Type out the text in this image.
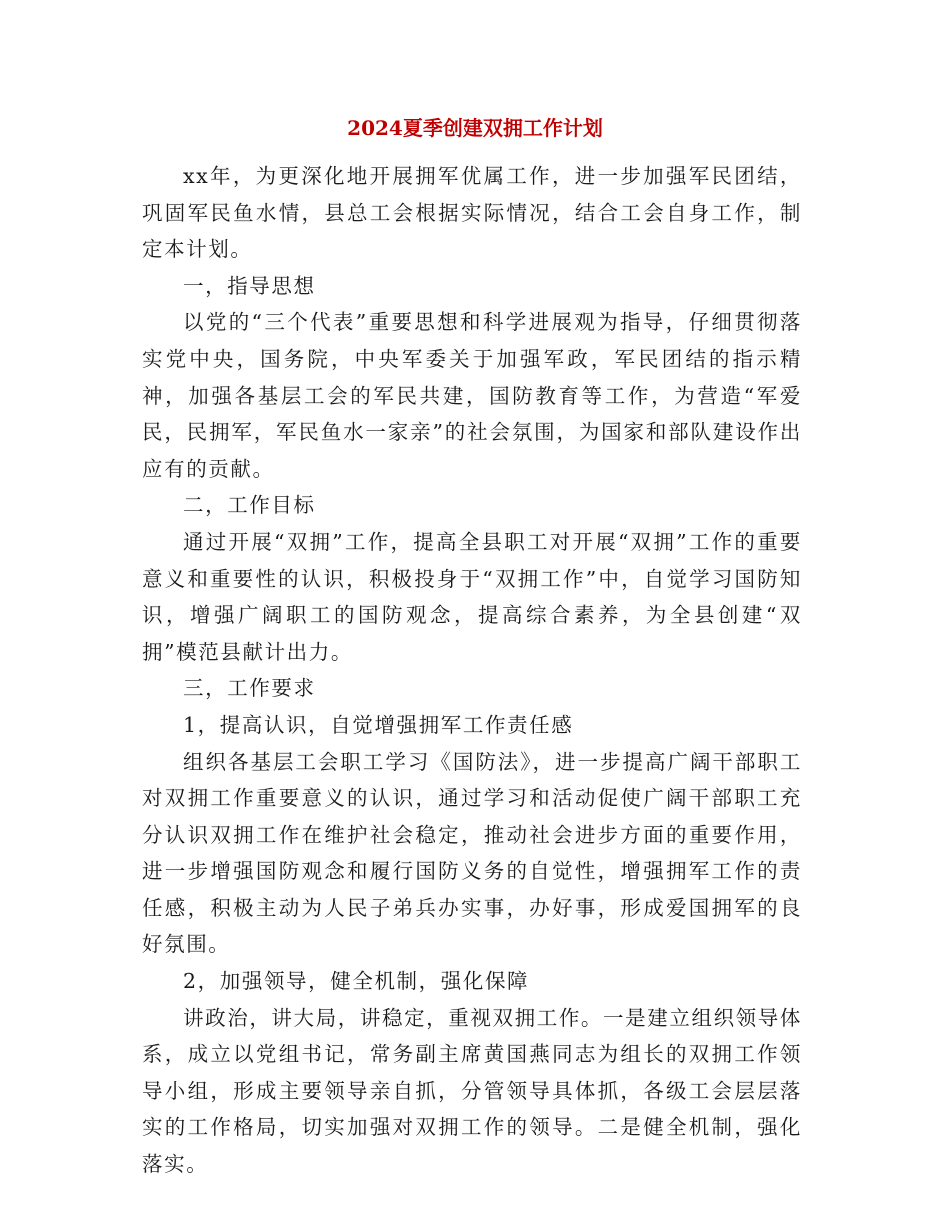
2024夏季创建双拥工作计划

xx年，为更深化地开展拥军优属工作，进一步加强军民团结，巩固军民鱼水情，县总工会根据实际情况，结合工会自身工作，制定本计划。

一，指导思想

以党的“三个代表”重要思想和科学进展观为指导，仔细贯彻落实党中央，国务院，中央军委关于加强军政，军民团结的指示精神，加强各基层工会的军民共建，国防教育等工作，为营造“军爱民，民拥军，军民鱼水一家亲”的社会氛围，为国家和部队建设作出应有的贡献。

二，工作目标

通过开展“双拥”工作，提高全县职工对开展“双拥”工作的重要意义和重要性的认识，积极投身于“双拥工作”中，自觉学习国防知识，增强广阔职工的国防观念，提高综合素养，为全县创建“双拥”模范县献计出力。

三，工作要求

1，提高认识，自觉增强拥军工作责任感

组织各基层工会职工学习《国防法》，进一步提高广阔干部职工对双拥工作重要意义的认识，通过学习和活动促使广阔干部职工充分认识双拥工作在维护社会稳定，推动社会进步方面的重要作用，进一步增强国防观念和履行国防义务的自觉性，增强拥军工作的责任感，积极主动为人民子弟兵办实事，办好事，形成爱国拥军的良好氛围。

2，加强领导，健全机制，强化保障

讲政治，讲大局，讲稳定，重视双拥工作。一是建立组织领导体系，成立以党组书记，常务副主席黄国燕同志为组长的双拥工作领导小组，形成主要领导亲自抓，分管领导具体抓，各级工会层层落实的工作格局，切实加强对双拥工作的领导。二是健全机制，强化落实。
